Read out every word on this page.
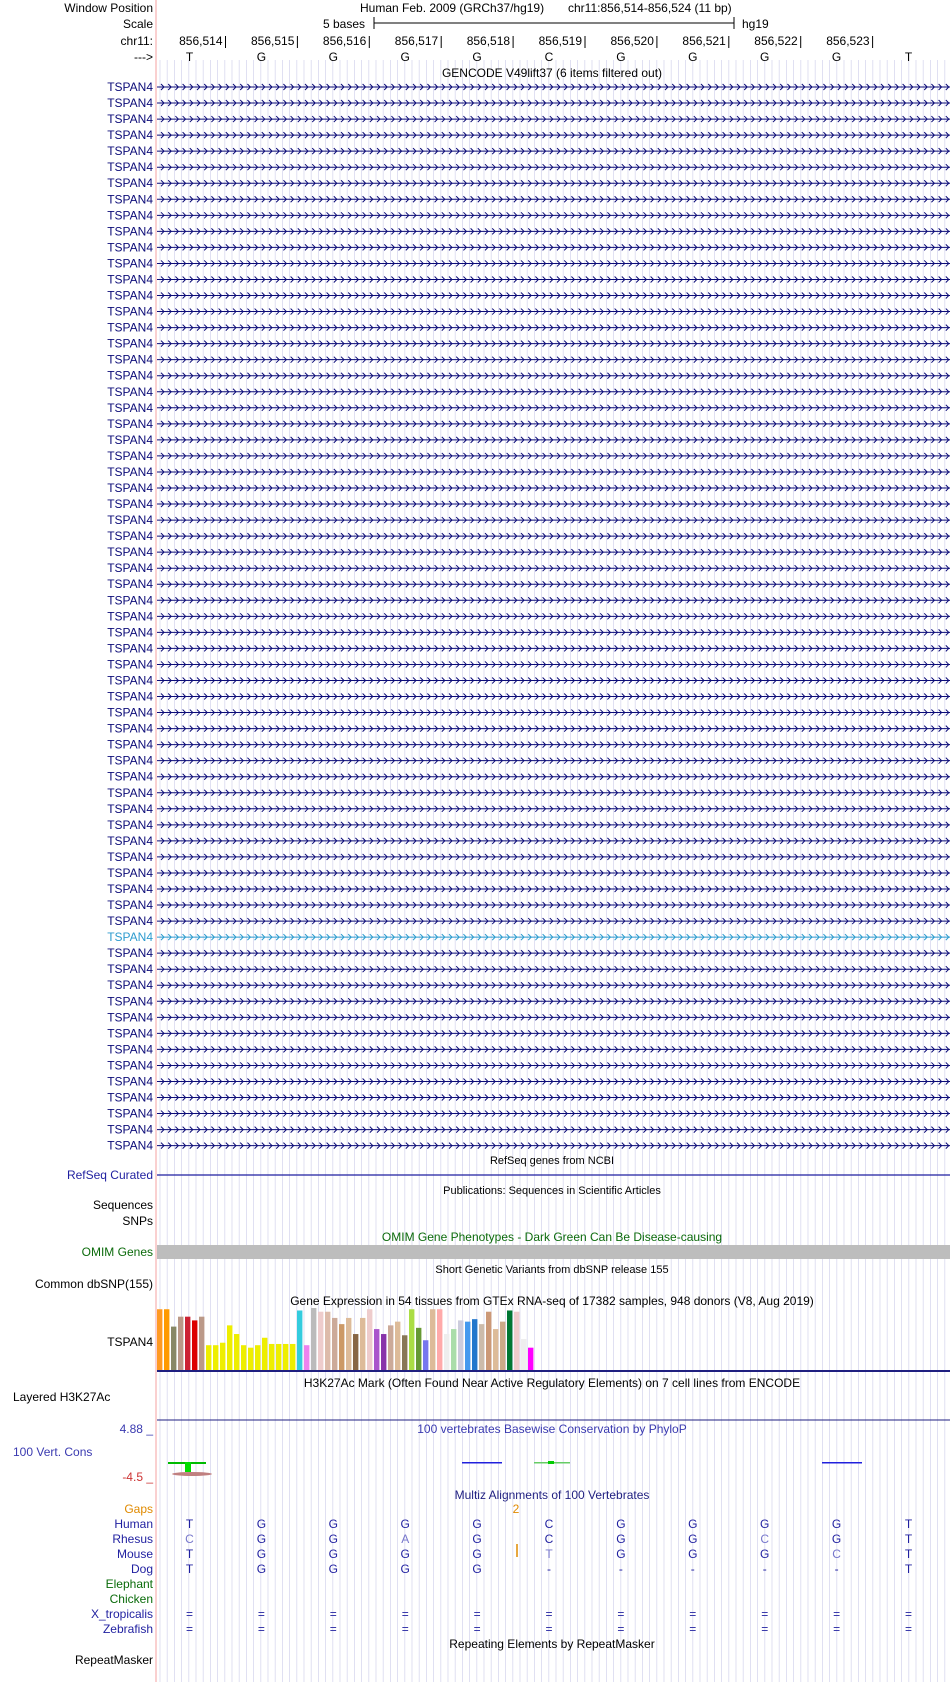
Window Position
Scale
chr11:
--->
Human Feb. 2009 (GRCh37/hg19) chr11:856,514-856,524 (11 bp)
5 bases	hg19
856,514 856,515 856,516 856,517 856,518 856,519 856,520 856,521 856,522 856,523
T	G	G	G	G	C	G	G	G	G	T
GENCODE V49lift37 (6 items filtered out)
TSPAN4
TSPAN4
TSPAN4
TSPAN4
TSPAN4
TSPAN4
TSPAN4
TSPAN4
TSPAN4
TSPAN4
TSPAN4
TSPAN4
TSPAN4
TSPAN4
TSPAN4
TSPAN4
TSPAN4
TSPAN4
TSPAN4
TSPAN4
TSPAN4
TSPAN4
TSPAN4
TSPAN4
TSPAN4
TSPAN4
TSPAN4
TSPAN4
TSPAN4
TSPAN4
TSPAN4
TSPAN4
TSPAN4
TSPAN4
TSPAN4
TSPAN4
TSPAN4
TSPAN4
TSPAN4
TSPAN4
TSPAN4
TSPAN4
TSPAN4
TSPAN4
TSPAN4
TSPAN4
TSPAN4
TSPAN4
TSPAN4
TSPAN4
TSPAN4
TSPAN4
TSPAN4
TSPAN4
TSPAN4
TSPAN4
TSPAN4
TSPAN4
TSPAN4
TSPAN4
TSPAN4
TSPAN4
TSPAN4
TSPAN4
TSPAN4
TSPAN4
TSPAN4
RefSeq genes from NCBI
RefSeq Curated
Publications: Sequences in Scientific Articles
Sequences
SNPs
OMIM Gene Phenotypes - Dark Green Can Be Disease-causing
OMIM Genes
Short Genetic Variants from dbSNP release 155
Common dbSNP(155)
Gene Expression in 54 tissues from GTEx RNA-seq of 17382 samples, 948 donors (V8, Aug 2019)
TSPAN4
H3K27Ac Mark (Often Found Near Active Regulatory Elements) on 7 cell lines from ENCODE
Layered H3K27Ac
100 vertebrates Basewise Conservation by PhyloP
4.88 _
100 Vert. Cons
-4.5 _
Multiz Alignments of 100 Vertebrates
Gaps	2
Human	T	G	G	G	G	C	G	G	G	G	T
Rhesus	C	G	G	A	G	C	G	G	C	G	T
Mouse	T	G	G	G	G	T	G	G	G	C	T
Dog	T	G	G	G	G	-	-	-	-	-	T
Elephant
Chicken
X_tropicalis	=	=	=	=	=	=	=	=	=	=	=
Zebrafish	=	=	=	=	=	=	=	=	=	=	=
Repeating Elements by RepeatMasker
RepeatMasker
